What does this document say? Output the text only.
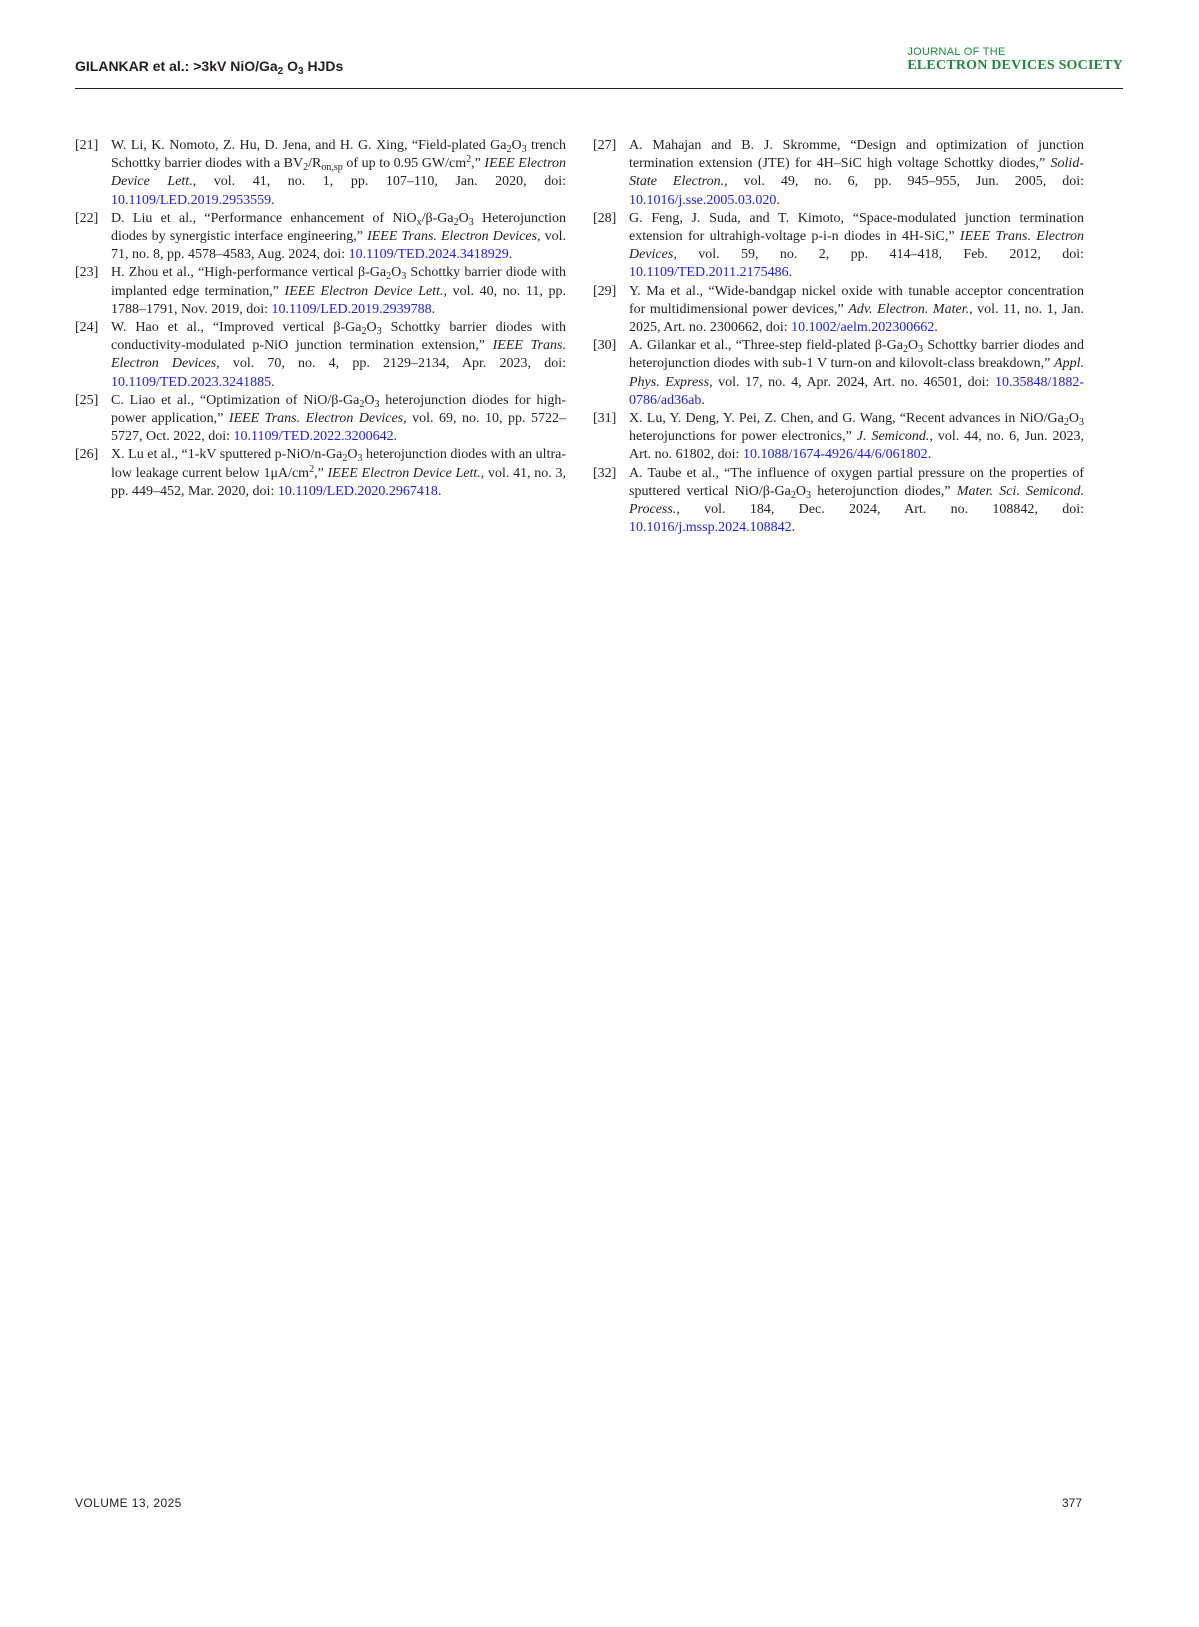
GILANKAR et al.: >3kV NiO/$Ga_2$ $O_3$ HJDs
JOURNAL OF THE
ELECTRON DEVICES SOCIETY
[21] W. Li, K. Nomoto, Z. Hu, D. Jena, and H. G. Xing, “Field-plated $Ga_2O_3$ trench Schottky barrier diodes with a $BV_2/R_{on,sp}$ of up to 0.95 $GW/cm^2$,” IEEE Electron Device Lett., vol. 41, no. 1, pp. 107–110, Jan. 2020, doi: 10.1109/LED.2019.2953559.
[22] D. Liu et al., “Performance enhancement of $NiO_x/\beta-Ga_2O_3$ Heterojunction diodes by synergistic interface engineering,” IEEE Trans. Electron Devices, vol. 71, no. 8, pp. 4578–4583, Aug. 2024, doi: 10.1109/TED.2024.3418929.
[23] H. Zhou et al., “High-performance vertical $\beta-Ga_2O_3$ Schottky barrier diode with implanted edge termination,” IEEE Electron Device Lett., vol. 40, no. 11, pp. 1788–1791, Nov. 2019, doi: 10.1109/LED.2019.2939788.
[24] W. Hao et al., “Improved vertical $\beta-Ga_2O_3$ Schottky barrier diodes with conductivity-modulated p-NiO junction termination extension,” IEEE Trans. Electron Devices, vol. 70, no. 4, pp. 2129–2134, Apr. 2023, doi: 10.1109/TED.2023.3241885.
[25] C. Liao et al., “Optimization of NiO/$\beta-Ga_2O_3$ heterojunction diodes for high-power application,” IEEE Trans. Electron Devices, vol. 69, no. 10, pp. 5722–5727, Oct. 2022, doi: 10.1109/TED.2022.3200642.
[26] X. Lu et al., “1-kV sputtered $p-NiO/n-Ga_2O_3$ heterojunction diodes with an ultra-low leakage current below $1\mu A/cm^2$,” IEEE Electron Device Lett., vol. 41, no. 3, pp. 449–452, Mar. 2020, doi: 10.1109/LED.2020.2967418.
[27] A. Mahajan and B. J. Skromme, “Design and optimization of junction termination extension (JTE) for 4H–SiC high voltage Schottky diodes,” Solid-State Electron., vol. 49, no. 6, pp. 945–955, Jun. 2005, doi: 10.1016/j.sse.2005.03.020.
[28] G. Feng, J. Suda, and T. Kimoto, “Space-modulated junction termination extension for ultrahigh-voltage p-i-n diodes in 4H-SiC,” IEEE Trans. Electron Devices, vol. 59, no. 2, pp. 414–418, Feb. 2012, doi: 10.1109/TED.2011.2175486.
[29] Y. Ma et al., “Wide-bandgap nickel oxide with tunable acceptor concentration for multidimensional power devices,” Adv. Electron. Mater., vol. 11, no. 1, Jan. 2025, Art. no. 2300662, doi: 10.1002/aelm.202300662.
[30] A. Gilankar et al., “Three-step field-plated $\beta-Ga_2O_3$ Schottky barrier diodes and heterojunction diodes with sub-1 V turn-on and kilovolt-class breakdown,” Appl. Phys. Express, vol. 17, no. 4, Apr. 2024, Art. no. 46501, doi: 10.35848/1882-0786/ad36ab.
[31] X. Lu, Y. Deng, Y. Pei, Z. Chen, and G. Wang, “Recent advances in NiO/$Ga_2O_3$ heterojunctions for power electronics,” J. Semicond., vol. 44, no. 6, Jun. 2023, Art. no. 61802, doi: 10.1088/1674-4926/44/6/061802.
[32] A. Taube et al., “The influence of oxygen partial pressure on the properties of sputtered vertical NiO/$\beta-Ga_2O_3$ heterojunction diodes,” Mater. Sci. Semicond. Process., vol. 184, Dec. 2024, Art. no. 108842, doi: 10.1016/j.mssp.2024.108842.
VOLUME 13, 2025	377
